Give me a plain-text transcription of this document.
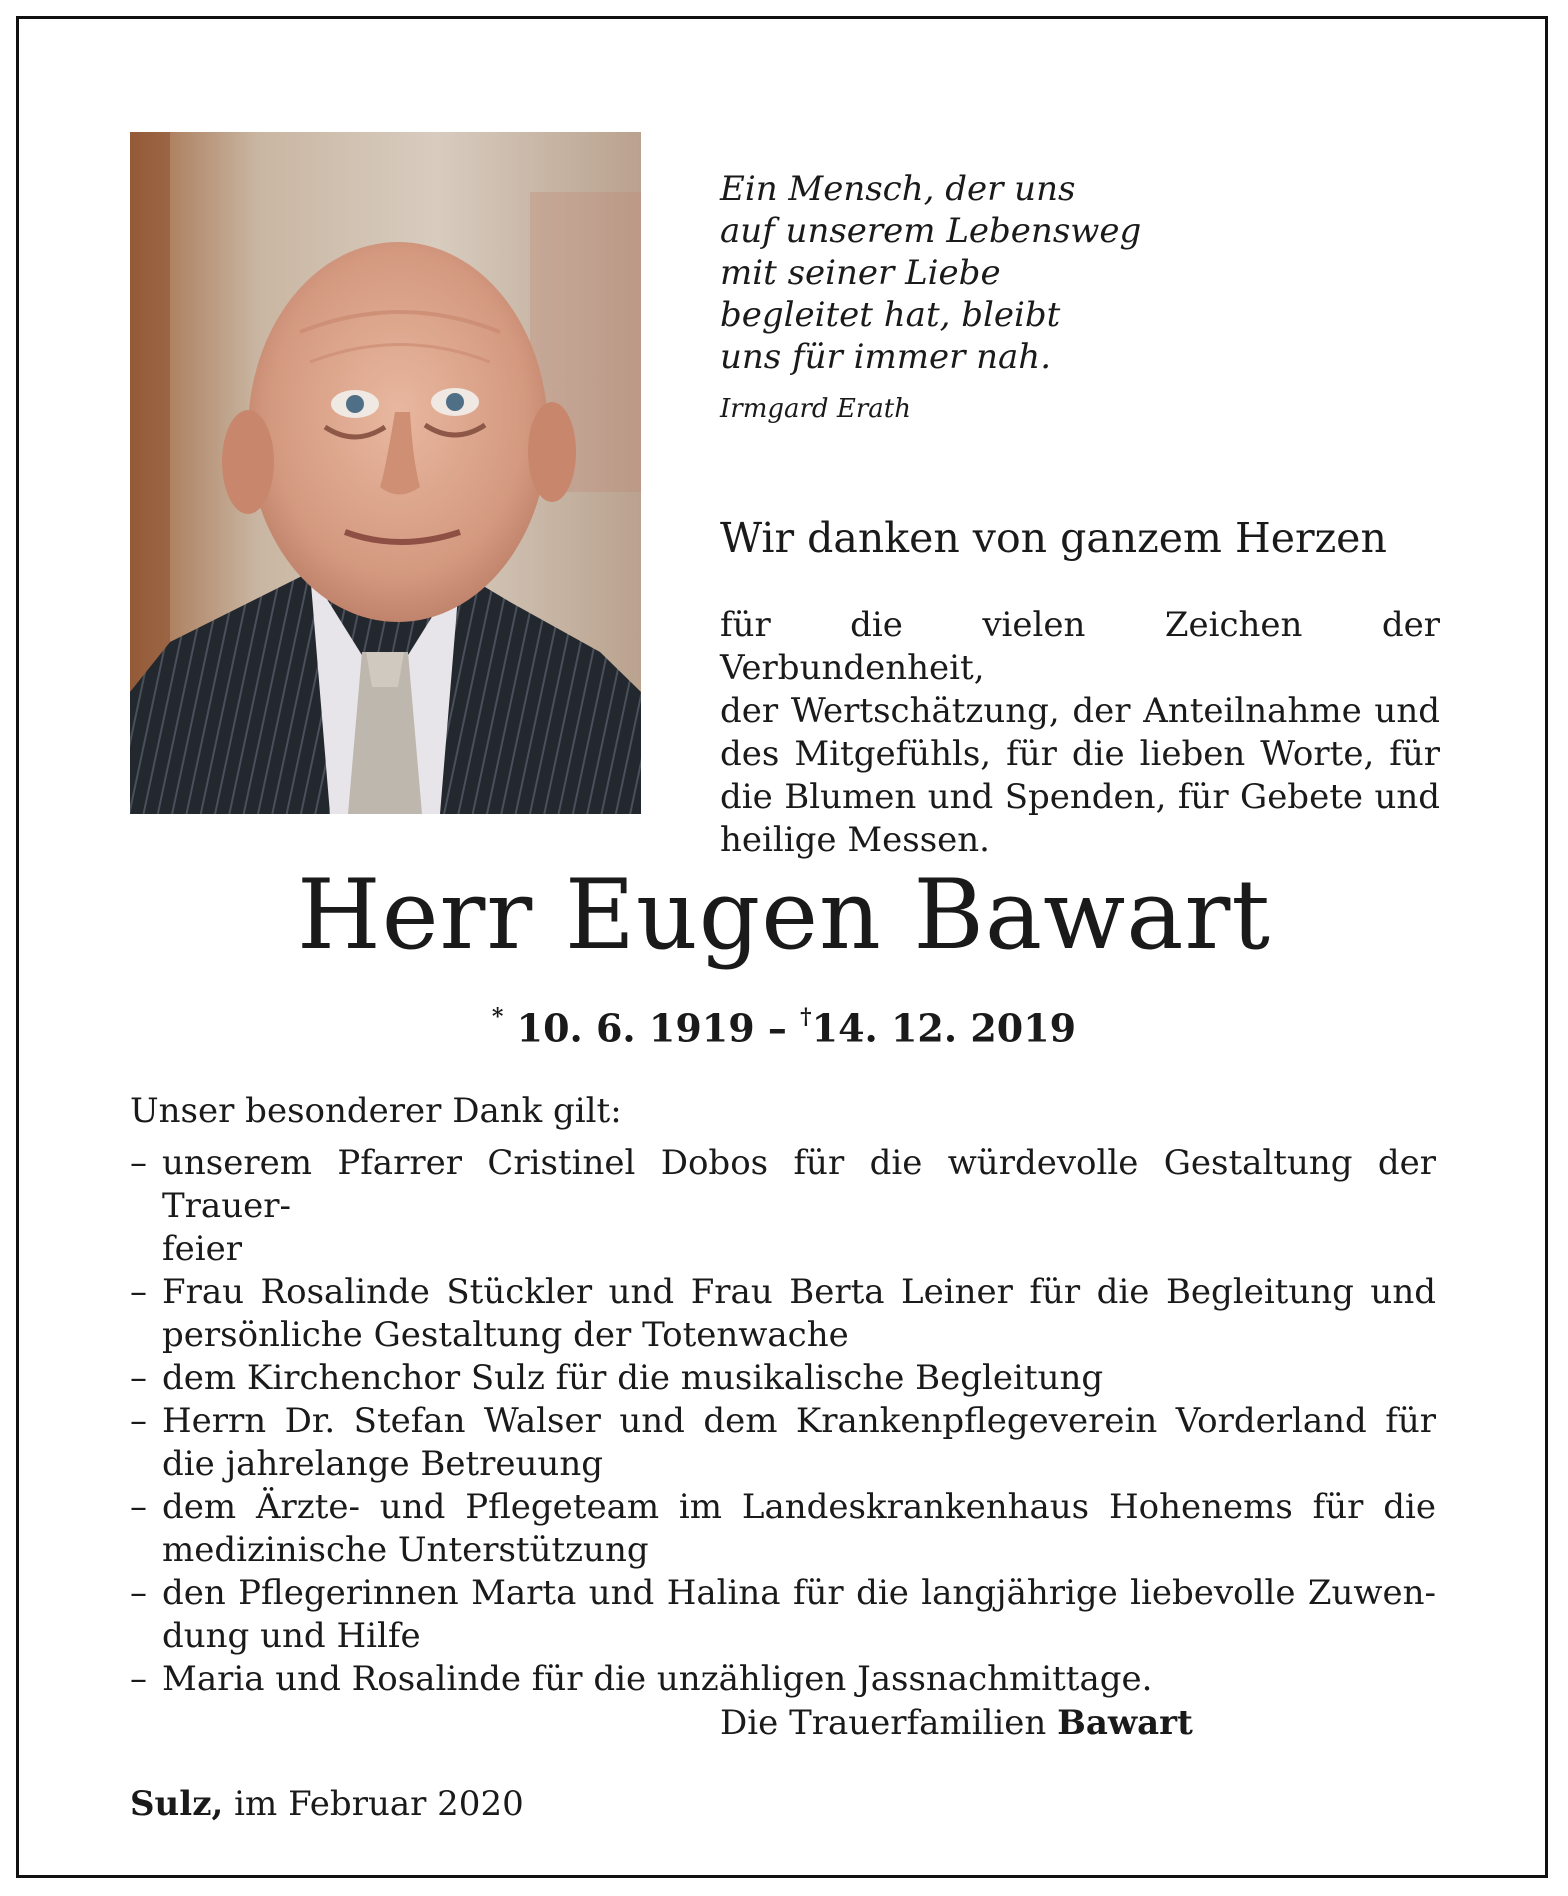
Ein Mensch, der uns
auf unserem Lebensweg
mit seiner Liebe
begleitet hat, bleibt
uns für immer nah.
Irmgard Erath
Wir danken von ganzem Herzen
für die vielen Zeichen der Verbundenheit,
der Wertschätzung, der Anteilnahme und
des Mitgefühls, für die lieben Worte, für
die Blumen und Spenden, für Gebete und
heilige Messen.
Herr Eugen Bawart
* 10. 6. 1919 – †14. 12. 2019
Unser besonderer Dank gilt:
– unserem Pfarrer Cristinel Dobos für die würdevolle Gestaltung der Trauer-
feier
– Frau Rosalinde Stückler und Frau Berta Leiner für die Begleitung und
persönliche Gestaltung der Totenwache
– dem Kirchenchor Sulz für die musikalische Begleitung
– Herrn Dr. Stefan Walser und dem Krankenpflegeverein Vorderland für
die jahrelange Betreuung
– dem Ärzte- und Pflegeteam im Landeskrankenhaus Hohenems für die
medizinische Unterstützung
– den Pflegerinnen Marta und Halina für die langjährige liebevolle Zuwen-
dung und Hilfe
– Maria und Rosalinde für die unzähligen Jassnachmittage.
Die Trauerfamilien Bawart
Sulz, im Februar 2020
